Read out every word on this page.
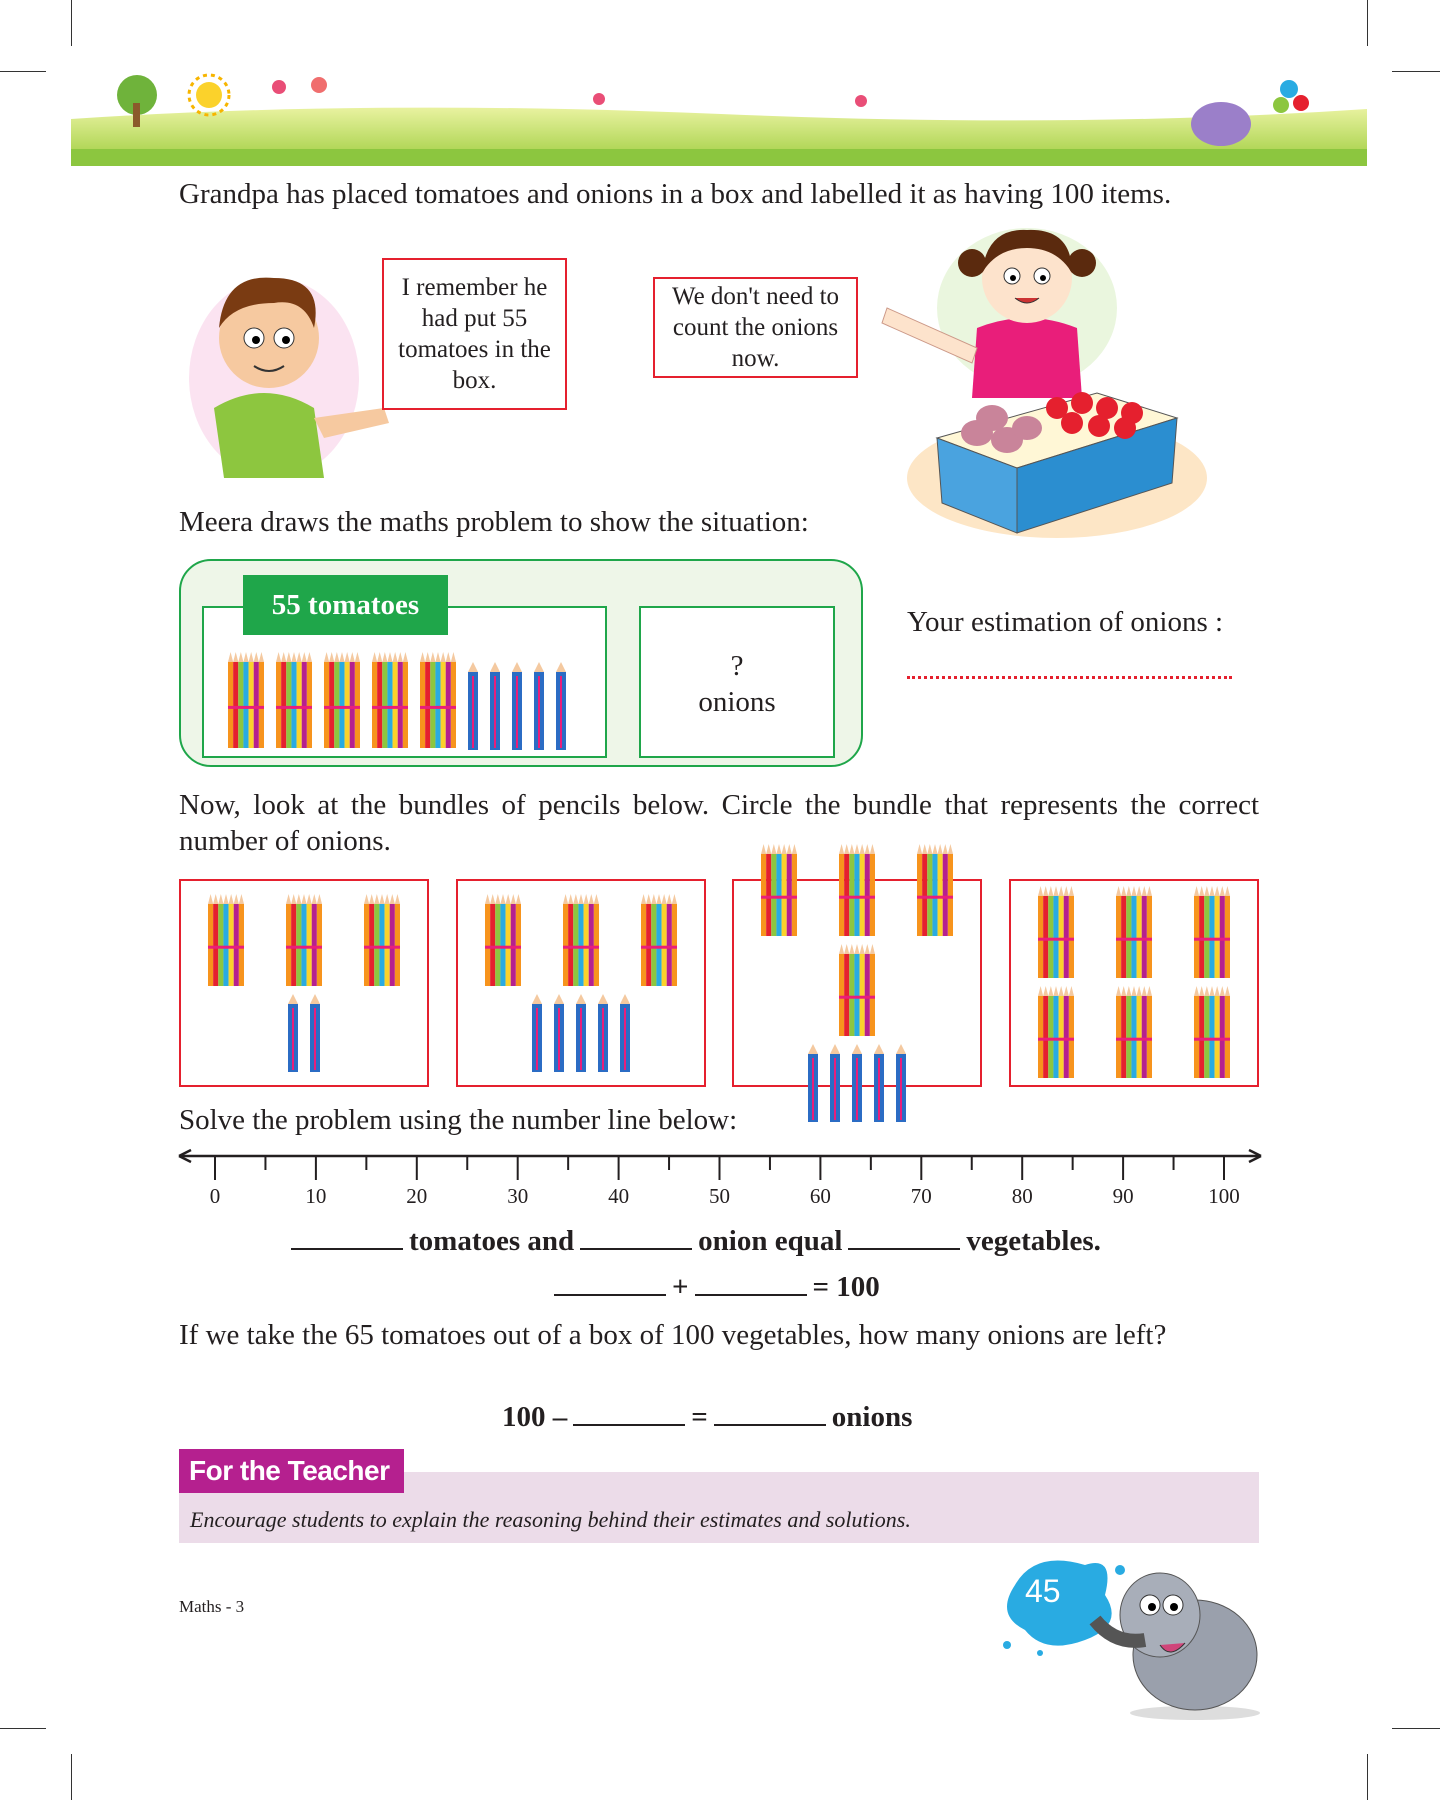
Grandpa has placed tomatoes and onions in a box and labelled it as having 100 items.
I remember he had put 55 tomatoes in the box.
We don't need to count the onions now.
Meera draws the maths problem to show the situation:
55 tomatoes
?
onions
Your estimation of onions :
Now, look at the bundles of pencils below. Circle the bundle that represents the correct number of onions.
Solve the problem using the number line below:
0	10	20	30	40	50	60	70	80	90	100
tomatoes and	onion equal	vegetables.
+	= 100
If we take the 65 tomatoes out of a box of 100 vegetables, how many onions are left?
100 –	=	onions
For the Teacher
Encourage students to explain the reasoning behind their estimates and solutions.
Maths - 3	45
